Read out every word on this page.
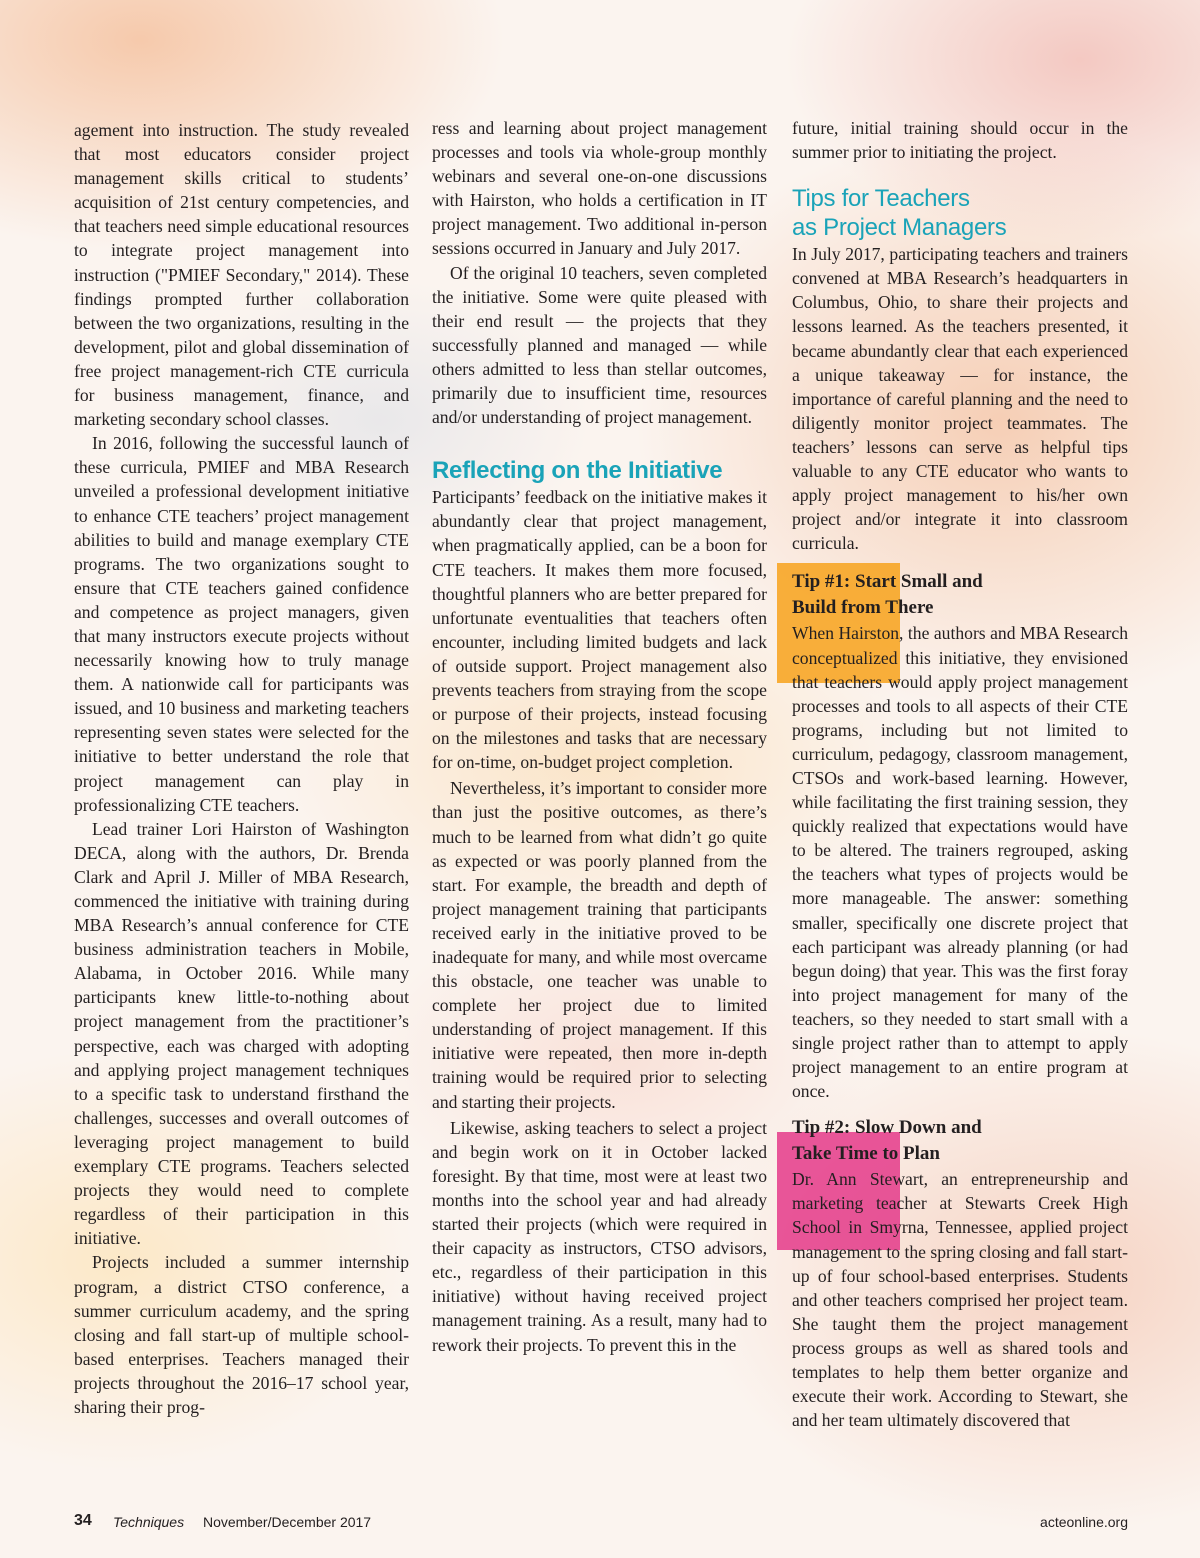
agement into instruction. The study revealed that most educators consider project management skills critical to students’ acquisition of 21st century competencies, and that teachers need simple educational resources to integrate project management into instruction ("PMIEF Secondary," 2014). These findings prompted further collaboration between the two organizations, resulting in the development, pilot and global dissemination of free project management-rich CTE curricula for business management, finance, and marketing secondary school classes.

In 2016, following the successful launch of these curricula, PMIEF and MBA Research unveiled a professional development initiative to enhance CTE teachers’ project management abilities to build and manage exemplary CTE programs. The two organizations sought to ensure that CTE teachers gained confidence and competence as project managers, given that many instructors execute projects without necessarily knowing how to truly manage them. A nationwide call for participants was issued, and 10 business and marketing teachers representing seven states were selected for the initiative to better understand the role that project management can play in professionalizing CTE teachers.

Lead trainer Lori Hairston of Washington DECA, along with the authors, Dr. Brenda Clark and April J. Miller of MBA Research, commenced the initiative with training during MBA Research’s annual conference for CTE business administration teachers in Mobile, Alabama, in October 2016. While many participants knew little-to-nothing about project management from the practitioner’s perspective, each was charged with adopting and applying project management techniques to a specific task to understand firsthand the challenges, successes and overall outcomes of leveraging project management to build exemplary CTE programs. Teachers selected projects they would need to complete regardless of their participation in this initiative.

Projects included a summer internship program, a district CTSO conference, a summer curriculum academy, and the spring closing and fall start-up of multiple school-based enterprises. Teachers managed their projects throughout the 2016–17 school year, sharing their prog-

ress and learning about project management processes and tools via whole-group monthly webinars and several one-on-one discussions with Hairston, who holds a certification in IT project management. Two additional in-person sessions occurred in January and July 2017.

Of the original 10 teachers, seven completed the initiative. Some were quite pleased with their end result — the projects that they successfully planned and managed — while others admitted to less than stellar outcomes, primarily due to insufficient time, resources and/or understanding of project management.

Reflecting on the Initiative

Participants’ feedback on the initiative makes it abundantly clear that project management, when pragmatically applied, can be a boon for CTE teachers. It makes them more focused, thoughtful planners who are better prepared for unfortunate eventualities that teachers often encounter, including limited budgets and lack of outside support. Project management also prevents teachers from straying from the scope or purpose of their projects, instead focusing on the milestones and tasks that are necessary for on-time, on-budget project completion.

Nevertheless, it’s important to consider more than just the positive outcomes, as there’s much to be learned from what didn’t go quite as expected or was poorly planned from the start. For example, the breadth and depth of project management training that participants received early in the initiative proved to be inadequate for many, and while most overcame this obstacle, one teacher was unable to complete her project due to limited understanding of project management. If this initiative were repeated, then more in-depth training would be required prior to selecting and starting their projects.

Likewise, asking teachers to select a project and begin work on it in October lacked foresight. By that time, most were at least two months into the school year and had already started their projects (which were required in their capacity as instructors, CTSO advisors, etc., regardless of their participation in this initiative) without having received project management training. As a result, many had to rework their projects. To prevent this in the

future, initial training should occur in the summer prior to initiating the project.

Tips for Teachers
as Project Managers

In July 2017, participating teachers and trainers convened at MBA Research’s headquarters in Columbus, Ohio, to share their projects and lessons learned. As the teachers presented, it became abundantly clear that each experienced a unique takeaway — for instance, the importance of careful planning and the need to diligently monitor project teammates. The teachers’ lessons can serve as helpful tips valuable to any CTE educator who wants to apply project management to his/her own project and/or integrate it into classroom curricula.

Tip #1: Start Small and
Build from There

When Hairston, the authors and MBA Research conceptualized this initiative, they envisioned that teachers would apply project management processes and tools to all aspects of their CTE programs, including but not limited to curriculum, pedagogy, classroom management, CTSOs and work-based learning. However, while facilitating the first training session, they quickly realized that expectations would have to be altered. The trainers regrouped, asking the teachers what types of projects would be more manageable. The answer: something smaller, specifically one discrete project that each participant was already planning (or had begun doing) that year. This was the first foray into project management for many of the teachers, so they needed to start small with a single project rather than to attempt to apply project management to an entire program at once.

Tip #2: Slow Down and
Take Time to Plan

Dr. Ann Stewart, an entrepreneurship and marketing teacher at Stewarts Creek High School in Smyrna, Tennessee, applied project management to the spring closing and fall start-up of four school-based enterprises. Students and other teachers comprised her project team. She taught them the project management process groups as well as shared tools and templates to help them better organize and execute their work. According to Stewart, she and her team ultimately discovered that

34 Techniques November/December 2017	acteonline.org
